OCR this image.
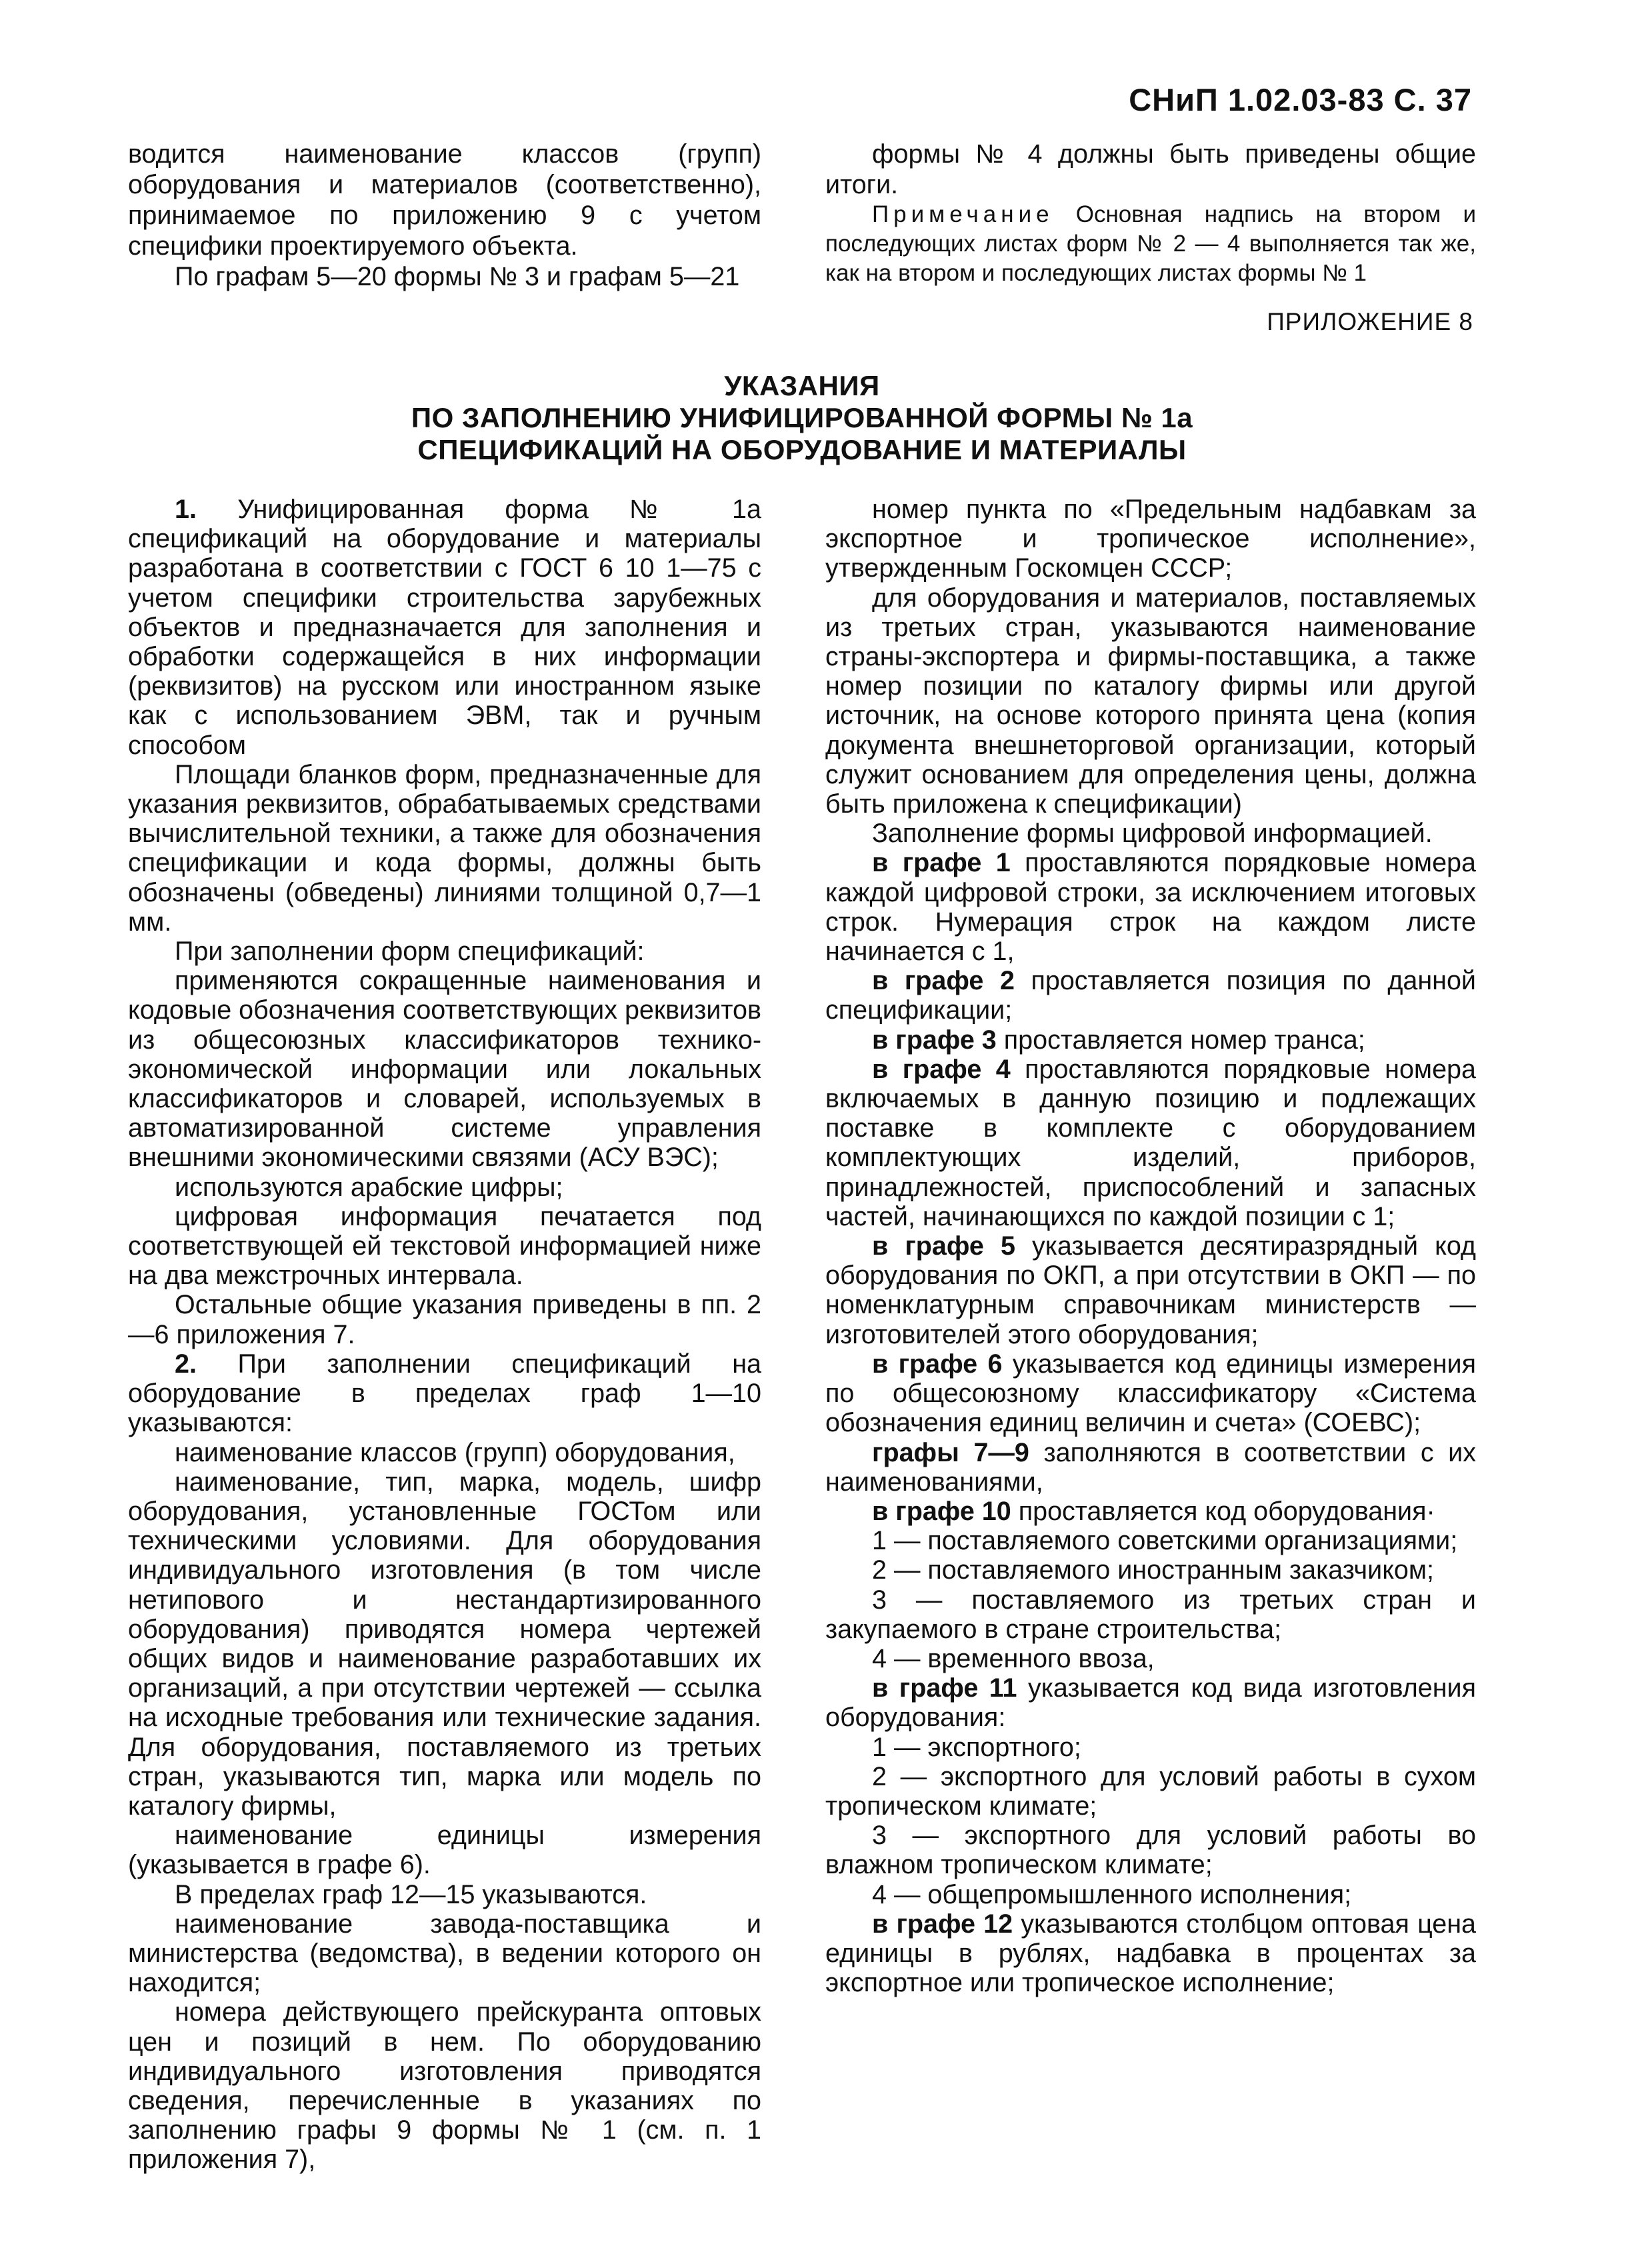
СНиП 1.02.03-83 С. 37

водится наименование классов (групп) оборудования и материалов (соответственно), принимаемое по приложению 9 с учетом специфики проектируемого объекта.

По графам 5—20 формы № 3 и графам 5—21

формы № 4 должны быть приведены общие итоги.

Примечание Основная надпись на втором и последующих листах форм № 2 — 4 выполняется так же, как на втором и последующих листах формы № 1

ПРИЛОЖЕНИЕ 8
УКАЗАНИЯ
ПО ЗАПОЛНЕНИЮ УНИФИЦИРОВАННОЙ ФОРМЫ № 1а
СПЕЦИФИКАЦИЙ НА ОБОРУДОВАНИЕ И МАТЕРИАЛЫ

1. Унифицированная форма № 1а спецификаций на оборудование и материалы разработана в соответствии с ГОСТ 6 10 1—75 с учетом специфики строительства зарубежных объектов и предназначается для заполнения и обработки содержащейся в них информации (реквизитов) на русском или иностранном языке как с использованием ЭВМ, так и ручным способом

Площади бланков форм, предназначенные для указания реквизитов, обрабатываемых средствами вычислительной техники, а также для обозначения спецификации и кода формы, должны быть обозначены (обведены) линиями толщиной 0,7—1 мм.

При заполнении форм спецификаций:

применяются сокращенные наименования и кодовые обозначения соответствующих реквизитов из общесоюзных классификаторов технико-экономической информации или локальных классификаторов и словарей, используемых в автоматизированной системе управления внешними экономическими связями (АСУ ВЭС);

используются арабские цифры;

цифровая информация печатается под соответствующей ей текстовой информацией ниже на два межстрочных интервала.

Остальные общие указания приведены в пп. 2—6 приложения 7.

2. При заполнении спецификаций на оборудование в пределах граф 1—10 указываются:

наименование классов (групп) оборудования,

наименование, тип, марка, модель, шифр оборудования, установленные ГОСТом или техническими условиями. Для оборудования индивидуального изготовления (в том числе нетипового и нестандартизированного оборудования) приводятся номера чертежей общих видов и наименование разработавших их организаций, а при отсутствии чертежей — ссылка на исходные требования или технические задания. Для оборудования, поставляемого из третьих стран, указываются тип, марка или модель по каталогу фирмы,

наименование единицы измерения (указывается в графе 6).

В пределах граф 12—15 указываются.

наименование завода-поставщика и министерства (ведомства), в ведении которого он находится;

номера действующего прейскуранта оптовых цен и позиций в нем. По оборудованию индивидуального изготовления приводятся сведения, перечисленные в указаниях по заполнению графы 9 формы № 1 (см. п. 1 приложения 7),

номер пункта по «Предельным надбавкам за экспортное и тропическое исполнение», утвержденным Госкомцен СССР;

для оборудования и материалов, поставляемых из третьих стран, указываются наименование страны-экспортера и фирмы-поставщика, а также номер позиции по каталогу фирмы или другой источник, на основе которого принята цена (копия документа внешнеторговой организации, который служит основанием для определения цены, должна быть приложена к спецификации)

Заполнение формы цифровой информацией.

в графе 1 проставляются порядковые номера каждой цифровой строки, за исключением итоговых строк. Нумерация строк на каждом листе начинается с 1,

в графе 2 проставляется позиция по данной спецификации;

в графе 3 проставляется номер транса;

в графе 4 проставляются порядковые номера включаемых в данную позицию и подлежащих поставке в комплекте с оборудованием комплектующих изделий, приборов, принадлежностей, приспособлений и запасных частей, начинающихся по каждой позиции с 1;

в графе 5 указывается десятиразрядный код оборудования по ОКП, а при отсутствии в ОКП — по номенклатурным справочникам министерств — изготовителей этого оборудования;

в графе 6 указывается код единицы измерения по общесоюзному классификатору «Система обозначения единиц величин и счета» (СОЕВС);

графы 7—9 заполняются в соответствии с их наименованиями,

в графе 10 проставляется код оборудования·

1 — поставляемого советскими организациями;

2 — поставляемого иностранным заказчиком;

3 — поставляемого из третьих стран и закупаемого в стране строительства;

4 — временного ввоза,

в графе 11 указывается код вида изготовления оборудования:

1 — экспортного;

2 — экспортного для условий работы в сухом тропическом климате;

3 — экспортного для условий работы во влажном тропическом климате;

4 — общепромышленного исполнения;

в графе 12 указываются столбцом оптовая цена единицы в рублях, надбавка в процентах за экспортное или тропическое исполнение;
